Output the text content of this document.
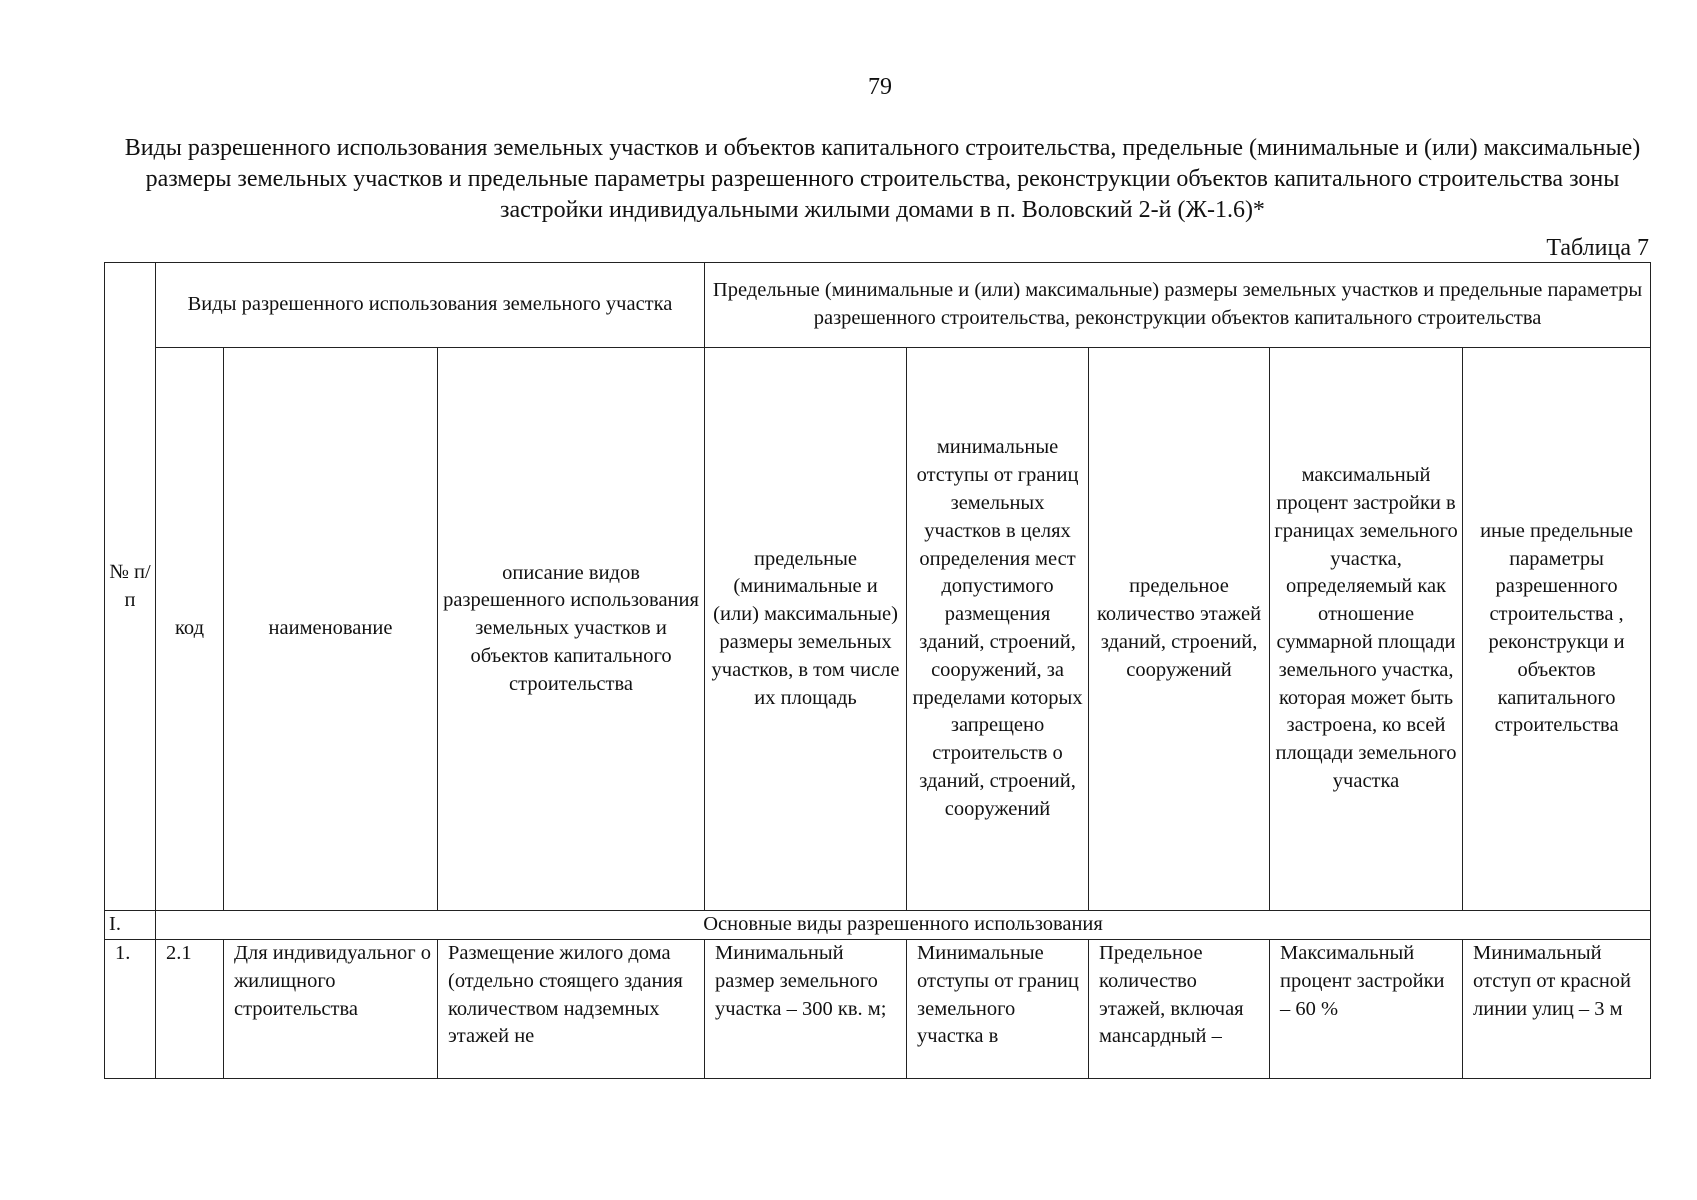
79
Виды разрешенного использования земельных участков и объектов капитального строительства, предельные (минимальные и (или) максимальные) размеры земельных участков и предельные параметры разрешенного строительства, реконструкции объектов капитального строительства зоны застройки индивидуальными жилыми домами в п. Воловский 2-й (Ж-1.6)*
Таблица 7
№ п/ п	Виды разрешенного использования земельного участка			Предельные (минимальные и (или) максимальные) размеры земельных участков и предельные параметры разрешенного строительства, реконструкции объектов капитального строительства				
	код	наименование	описание видов разрешенного использования земельных участков и объектов капитального строительства	предельные (минимальные и (или) максимальные) размеры земельных участков, в том числе их площадь	минимальные отступы от границ земельных участков в целях определения мест допустимого размещения зданий, строений, сооружений, за пределами которых запрещено строительств о зданий, строений, сооружений	предельное количество этажей зданий, строений, сооружений	максимальный процент застройки в границах земельного участка, определяемый как отношение суммарной площади земельного участка, которая может быть застроена, ко всей площади земельного участка	иные предельные параметры разрешенного строительства , реконструкци и объектов капитального строительства
I.	Основные виды разрешенного использования							
1.	2.1	Для индивидуальног о жилищного строительства	Размещение жилого дома (отдельно стоящего здания количеством надземных этажей не	Минимальный размер земельного участка – 300 кв. м;	Минимальные отступы от границ земельного участка в	Предельное количество этажей, включая мансардный –	Максимальный процент застройки – 60 %	Минимальный отступ от красной линии улиц – 3 м
